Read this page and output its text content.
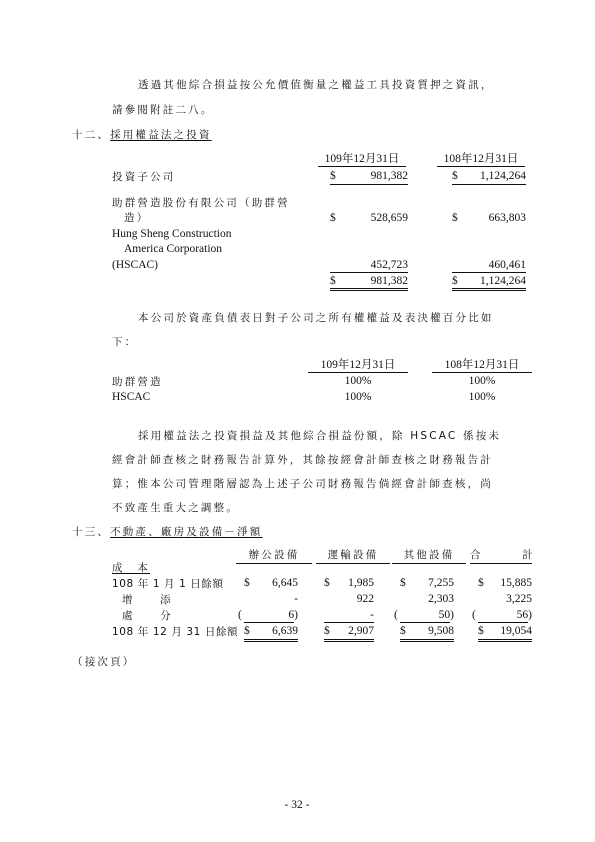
透過其他綜合損益按公允價值衡量之權益工具投資質押之資訊，
請參閱附註二八。
十二、採用權益法之投資
109年12月31日	108年12月31日
投資子公司	$	981,382	$ 1,124,264
助群營造股份有限公司（助群營
造）	$	528,659	$	663,803
Hung Sheng Construction
America Corporation
(HSCAC)	452,723	460,461
$	981,382	$ 1,124,264
本公司於資產負債表日對子公司之所有權權益及表決權百分比如
下：
109年12月31日	108年12月31日
助群營造	100%	100%
HSCAC	100%	100%
採用權益法之投資損益及其他綜合損益份額，除 HSCAC 係按未
經會計師查核之財務報告計算外，其餘按經會計師查核之財務報告計
算；惟本公司管理階層認為上述子公司財務報告倘經會計師查核，尚
不致產生重大之調整。
十三、不動產、廠房及設備－淨額
辦公設備	運輸設備	其他設備	合	計
成　本
108 年 1 月 1 日餘額 $ 6,645 $ 1,985 $ 7,255 $ 15,885
增　　添	-	922	2,303	3,225
處　　分	(	6)	- (	50) (	56)
108 年 12 月 31 日餘額 $ 6,639 $ 2,907 $ 9,508 $ 19,054
（接次頁）
- 32 -
